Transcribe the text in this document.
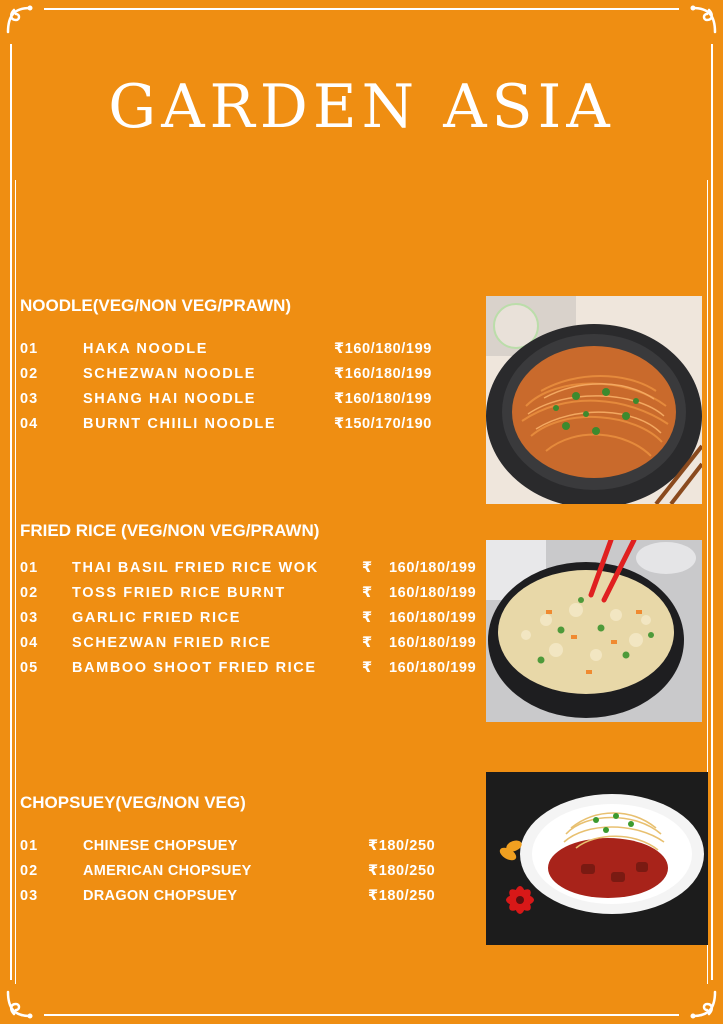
GARDEN ASIA
NOODLE(VEG/NON VEG/PRAWN)
01	HAKA NOODLE	₹160/180/199
02	SCHEZWAN NOODLE	₹160/180/199
03	SHANG HAI NOODLE	₹160/180/199
04	BURNT CHIILI NOODLE	₹150/170/190
FRIED RICE (VEG/NON VEG/PRAWN)
01 THAI BASIL FRIED RICE WOK	₹ 160/180/199
02 TOSS FRIED RICE BURNT	₹ 160/180/199
03 GARLIC FRIED RICE	₹ 160/180/199
04 SCHEZWAN FRIED RICE	₹ 160/180/199
05 BAMBOO SHOOT FRIED RICE	₹ 160/180/199
CHOPSUEY(VEG/NON VEG)
01	CHINESE CHOPSUEY	₹180/250
02	AMERICAN CHOPSUEY	₹180/250
03	DRAGON CHOPSUEY	₹180/250
